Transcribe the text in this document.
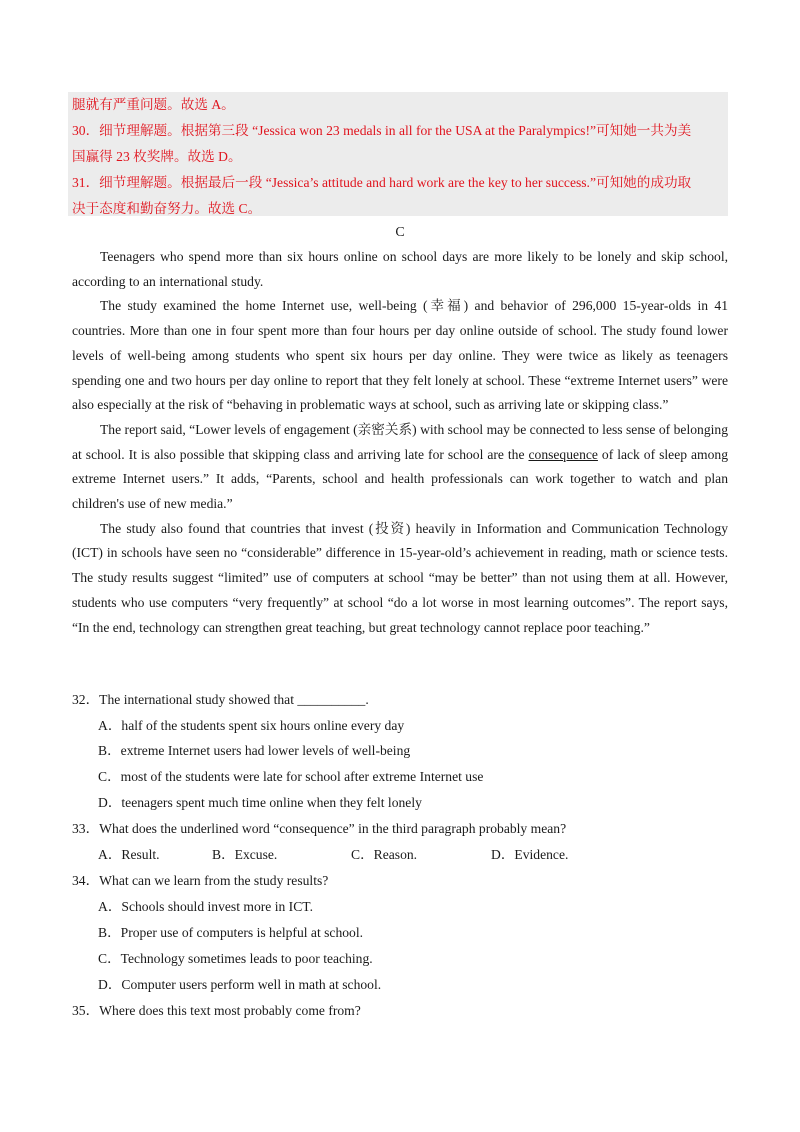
腿就有严重问题。故选 A。
30．细节理解题。根据第三段 “Jessica won 23 medals in all for the USA at the Paralympics!”可知她一共为美
国赢得 23 枚奖牌。故选 D。
31．细节理解题。根据最后一段 “Jessica’s attitude and hard work are the key to her success.”可知她的成功取
决于态度和勤奋努力。故选 C。
C

Teenagers who spend more than six hours online on school days are more likely to be lonely and skip school, according to an international study.

The study examined the home Internet use, well-being (幸福) and behavior of 296,000 15-year-olds in 41 countries. More than one in four spent more than four hours per day online outside of school. The study found lower levels of well-being among students who spent six hours per day online. They were twice as likely as teenagers spending one and two hours per day online to report that they felt lonely at school. These “extreme Internet users” were also especially at the risk of “behaving in problematic ways at school, such as arriving late or skipping class.”

The report said, “Lower levels of engagement (亲密关系) with school may be connected to less sense of belonging at school. It is also possible that skipping class and arriving late for school are the consequence of lack of sleep among extreme Internet users.” It adds, “Parents, school and health professionals can work together to watch and plan children's use of new media.”

The study also found that countries that invest (投资) heavily in Information and Communication Technology (ICT) in schools have seen no “considerable” difference in 15-year-old’s achievement in reading, math or science tests. The study results suggest “limited” use of computers at school “may be better” than not using them at all. However, students who use computers “very frequently” at school “do a lot worse in most learning outcomes”. The report says, “In the end, technology can strengthen great teaching, but great technology cannot replace poor teaching.”

32．The international study showed that __________.
A．half of the students spent six hours online every day
B．extreme Internet users had lower levels of well-being
C．most of the students were late for school after extreme Internet use
D．teenagers spent much time online when they felt lonely
33．What does the underlined word “consequence” in the third paragraph probably mean?
A．Result.	B．Excuse.	C．Reason.	D．Evidence.
34．What can we learn from the study results?
A．Schools should invest more in ICT.
B．Proper use of computers is helpful at school.
C．Technology sometimes leads to poor teaching.
D．Computer users perform well in math at school.
35．Where does this text most probably come from?
